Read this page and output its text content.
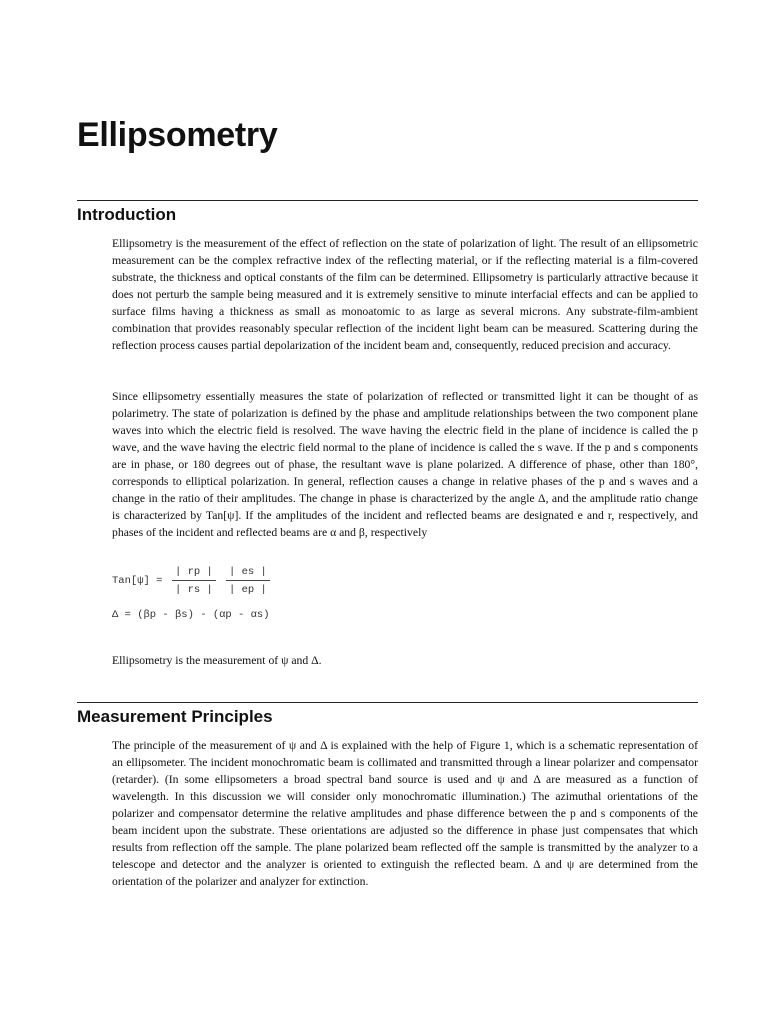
Ellipsometry
Introduction

Ellipsometry is the measurement of the effect of reflection on the state of polarization of light. The result of an ellipsometric measurement can be the complex refractive index of the reflecting material, or if the reflecting material is a film-covered substrate, the thickness and optical constants of the film can be determined. Ellipsometry is particularly attractive because it does not perturb the sample being measured and it is extremely sensitive to minute interfacial effects and can be applied to surface films having a thickness as small as monoatomic to as large as several microns. Any substrate-film-ambient combination that provides reasonably specular reflection of the incident light beam can be measured. Scattering during the reflection process causes partial depolarization of the incident beam and, consequently, reduced precision and accuracy.

Since ellipsometry essentially measures the state of polarization of reflected or transmitted light it can be thought of as polarimetry. The state of polarization is defined by the phase and amplitude relationships between the two component plane waves into which the electric field is resolved. The wave having the electric field in the plane of incidence is called the p wave, and the wave having the electric field normal to the plane of incidence is called the s wave. If the p and s components are in phase, or 180 degrees out of phase, the resultant wave is plane polarized. A difference of phase, other than 180°, corresponds to elliptical polarization. In general, reflection causes a change in relative phases of the p and s waves and a change in the ratio of their amplitudes. The change in phase is characterized by the angle Δ, and the amplitude ratio change is characterized by Tan[ψ]. If the amplitudes of the incident and reflected beams are designated e and r, respectively, and phases of the incident and reflected beams are α and β, respectively

$Tan[\psi] = \frac{| rp |}{| rs |} \frac{| es |}{| ep |}$
Δ = (βp - βs) - (αp - αs)

Ellipsometry is the measurement of ψ and Δ.

Measurement Principles

The principle of the measurement of ψ and Δ is explained with the help of Figure 1, which is a schematic representation of an ellipsometer. The incident monochromatic beam is collimated and transmitted through a linear polarizer and compensator (retarder). (In some ellipsometers a broad spectral band source is used and ψ and Δ are measured as a function of wavelength. In this discussion we will consider only monochromatic illumination.) The azimuthal orientations of the polarizer and compensator determine the relative amplitudes and phase difference between the p and s components of the beam incident upon the substrate. These orientations are adjusted so the difference in phase just compensates that which results from reflection off the sample. The plane polarized beam reflected off the sample is transmitted by the analyzer to a telescope and detector and the analyzer is oriented to extinguish the reflected beam. Δ and ψ are determined from the orientation of the polarizer and analyzer for extinction.
